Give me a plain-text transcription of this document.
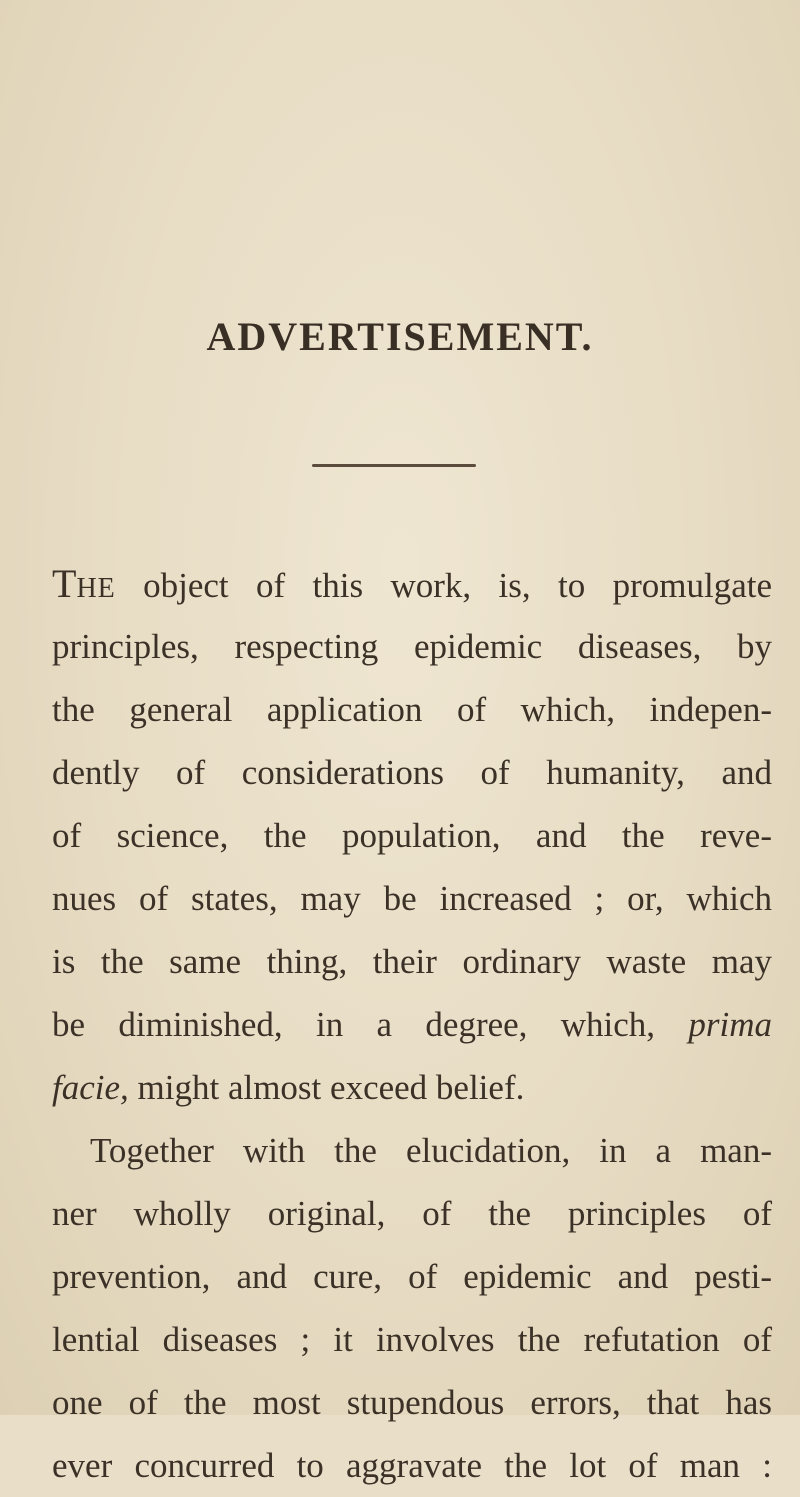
ADVERTISEMENT.
THE object of this work, is, to promulgate
principles, respecting epidemic diseases, by
the general application of which, indepen-
dently of considerations of humanity, and
of science, the population, and the reve-
nues of states, may be increased ; or, which
is the same thing, their ordinary waste may
be diminished, in a degree, which, prima
facie, might almost exceed belief.
Together with the elucidation, in a man-
ner wholly original, of the principles of
prevention, and cure, of epidemic and pesti-
lential diseases ; it involves the refutation of
one of the most stupendous errors, that has
ever concurred to aggravate the lot of man :
